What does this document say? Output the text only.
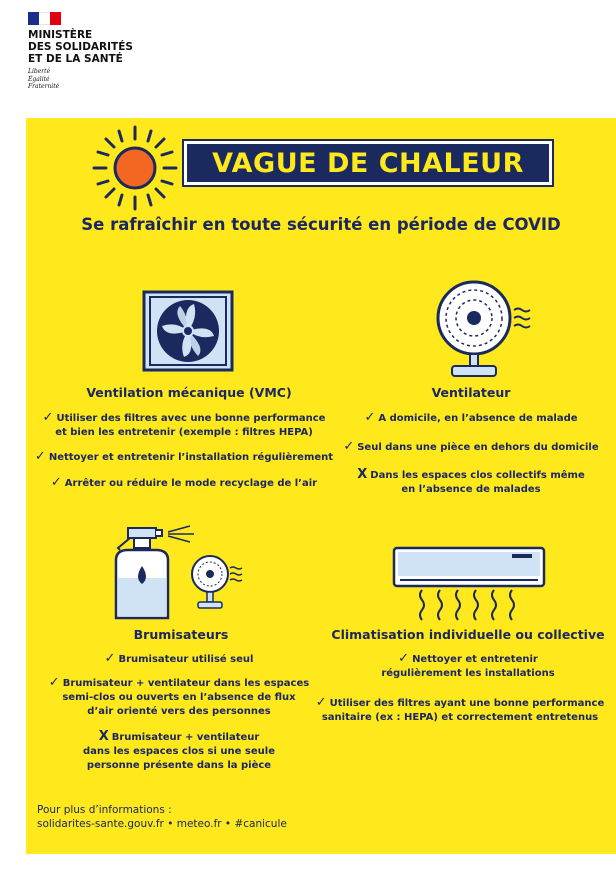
MINISTÈRE
DES SOLIDARITÉS
ET DE LA SANTÉ
Liberté
Égalité
Fraternité
VAGUE DE CHALEUR
Se rafraîchir en toute sécurité en période de COVID
Ventilation mécanique (VMC)
✓ Utiliser des filtres avec une bonne performance
et bien les entretenir (exemple : filtres HEPA)
✓ Nettoyer et entretenir l’installation régulièrement
✓ Arrêter ou réduire le mode recyclage de l’air
Ventilateur
✓ A domicile, en l’absence de malade
✓ Seul dans une pièce en dehors du domicile
X Dans les espaces clos collectifs même
en l’absence de malades
Brumisateurs
✓ Brumisateur utilisé seul
✓ Brumisateur + ventilateur dans les espaces
semi-clos ou ouverts en l’absence de flux
d’air orienté vers des personnes
X Brumisateur + ventilateur
dans les espaces clos si une seule
personne présente dans la pièce
Climatisation individuelle ou collective
✓ Nettoyer et entretenir
régulièrement les installations
✓ Utiliser des filtres ayant une bonne performance
sanitaire (ex : HEPA) et correctement entretenus
Pour plus d’informations :
solidarites-sante.gouv.fr • meteo.fr • #canicule
